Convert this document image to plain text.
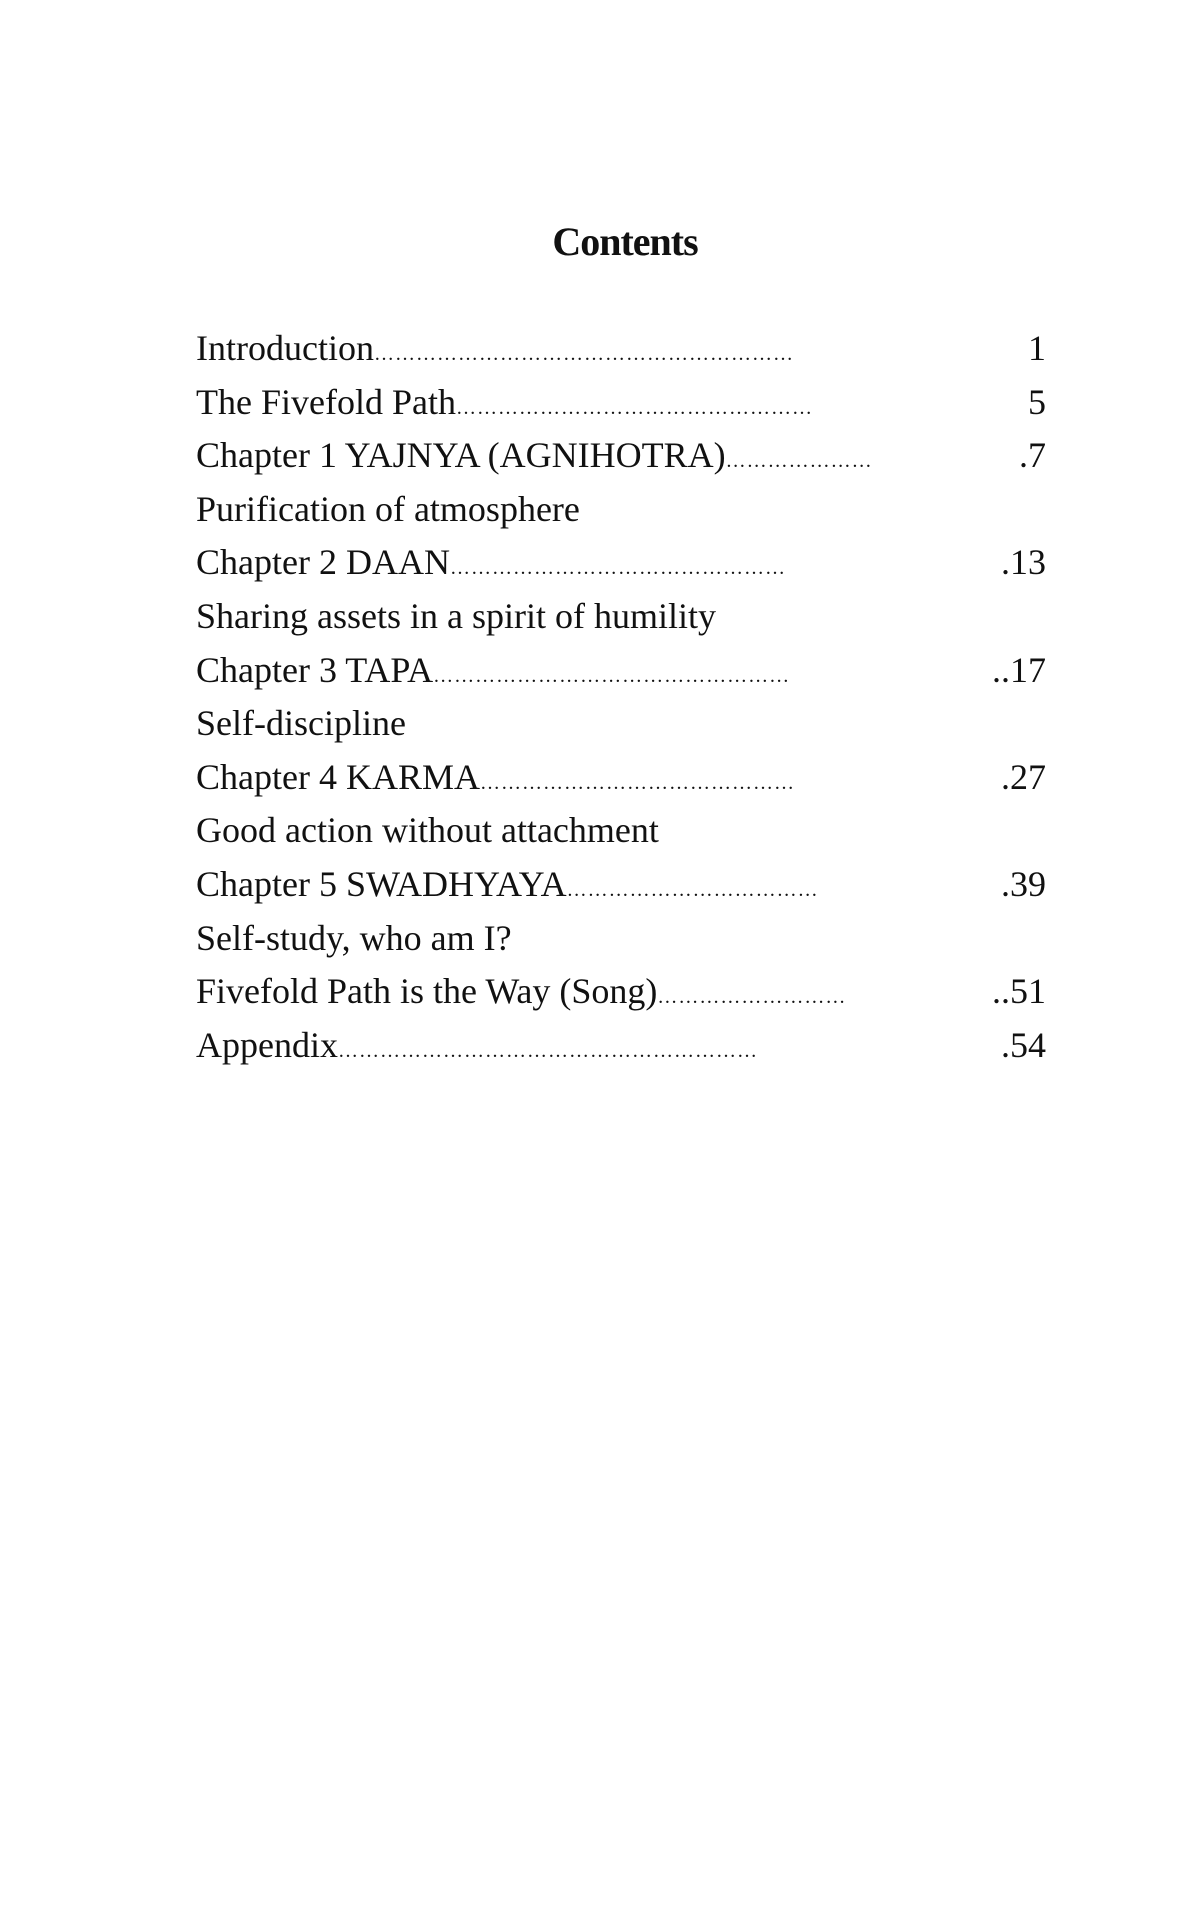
Contents
Introduction ……………………………………………………	1
The Fivefold Path ……………………………………………	5
Chapter 1 YAJNYA (AGNIHOTRA) …………………	.7
Purification of atmosphere
Chapter 2 DAAN …………………………………………	.13
Sharing assets in a spirit of humility
Chapter 3 TAPA ……………………………………………	..17
Self-discipline
Chapter 4 KARMA ………………………………………	.27
Good action without attachment
Chapter 5 SWADHYAYA ………………………………	.39
Self-study, who am I?
Fivefold Path is the Way (Song) ………………………	..51
Appendix ……………………………………………………	.54
